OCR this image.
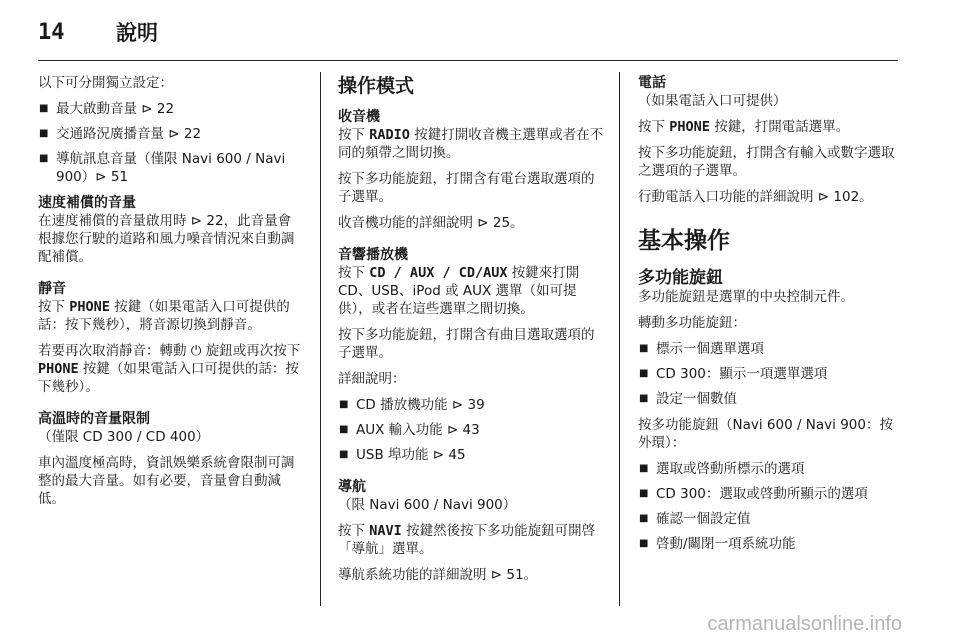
14	說明

以下可分開獨立設定：

■ 最大啟動音量 ⊳ 22
■ 交通路況廣播音量 ⊳ 22
■ 導航訊息音量（僅限 Navi 600 / Navi 900）⊳ 51
速度補償的音量
在速度補償的音量啟用時 ⊳ 22，此音量會根據您行駛的道路和風力噪音情況來自動調配補償。
靜音

按下 PHONE 按鍵（如果電話入口可提供的話：按下幾秒），將音源切換到靜音。

若要再次取消靜音：轉動 ⏻ 旋鈕或再次按下 PHONE 按鍵（如果電話入口可提供的話：按下幾秒）。

高溫時的音量限制

（僅限 CD 300 / CD 400）

車內溫度極高時，資訊娛樂系統會限制可調整的最大音量。如有必要，音量會自動減低。
操作模式
收音機

按下 RADIO 按鍵打開收音機主選單或者在不同的頻帶之間切換。

按下多功能旋鈕，打開含有電台選取選項的子選單。

收音機功能的詳細說明 ⊳ 25。

音響播放機

按下 CD / AUX / CD/AUX 按鍵來打開 CD、USB、iPod 或 AUX 選單（如可提供），或者在這些選單之間切換。

按下多功能旋鈕，打開含有曲目選取選項的子選單。

詳細說明：

■ CD 播放機功能 ⊳ 39
■ AUX 輸入功能 ⊳ 43
■ USB 埠功能 ⊳ 45
導航

（限 Navi 600 / Navi 900）

按下 NAVI 按鍵然後按下多功能旋鈕可開啓「導航」選單。

導航系統功能的詳細說明 ⊳ 51。

電話

（如果電話入口可提供）

按下 PHONE 按鍵，打開電話選單。

按下多功能旋鈕，打開含有輸入或數字選取之選項的子選單。

行動電話入口功能的詳細說明 ⊳ 102。

基本操作
多功能旋鈕

多功能旋鈕是選單的中央控制元件。

轉動多功能旋鈕：

■ 標示一個選單選項
■ CD 300：顯示一項選單選項
■ 設定一個數值

按多功能旋鈕（Navi 600 / Navi 900：按外環）：

■ 選取或啓動所標示的選項
■ CD 300：選取或啓動所顯示的選項
■ 確認一個設定值
■ 啓動/關閉一項系統功能
carmanualsonline.info
